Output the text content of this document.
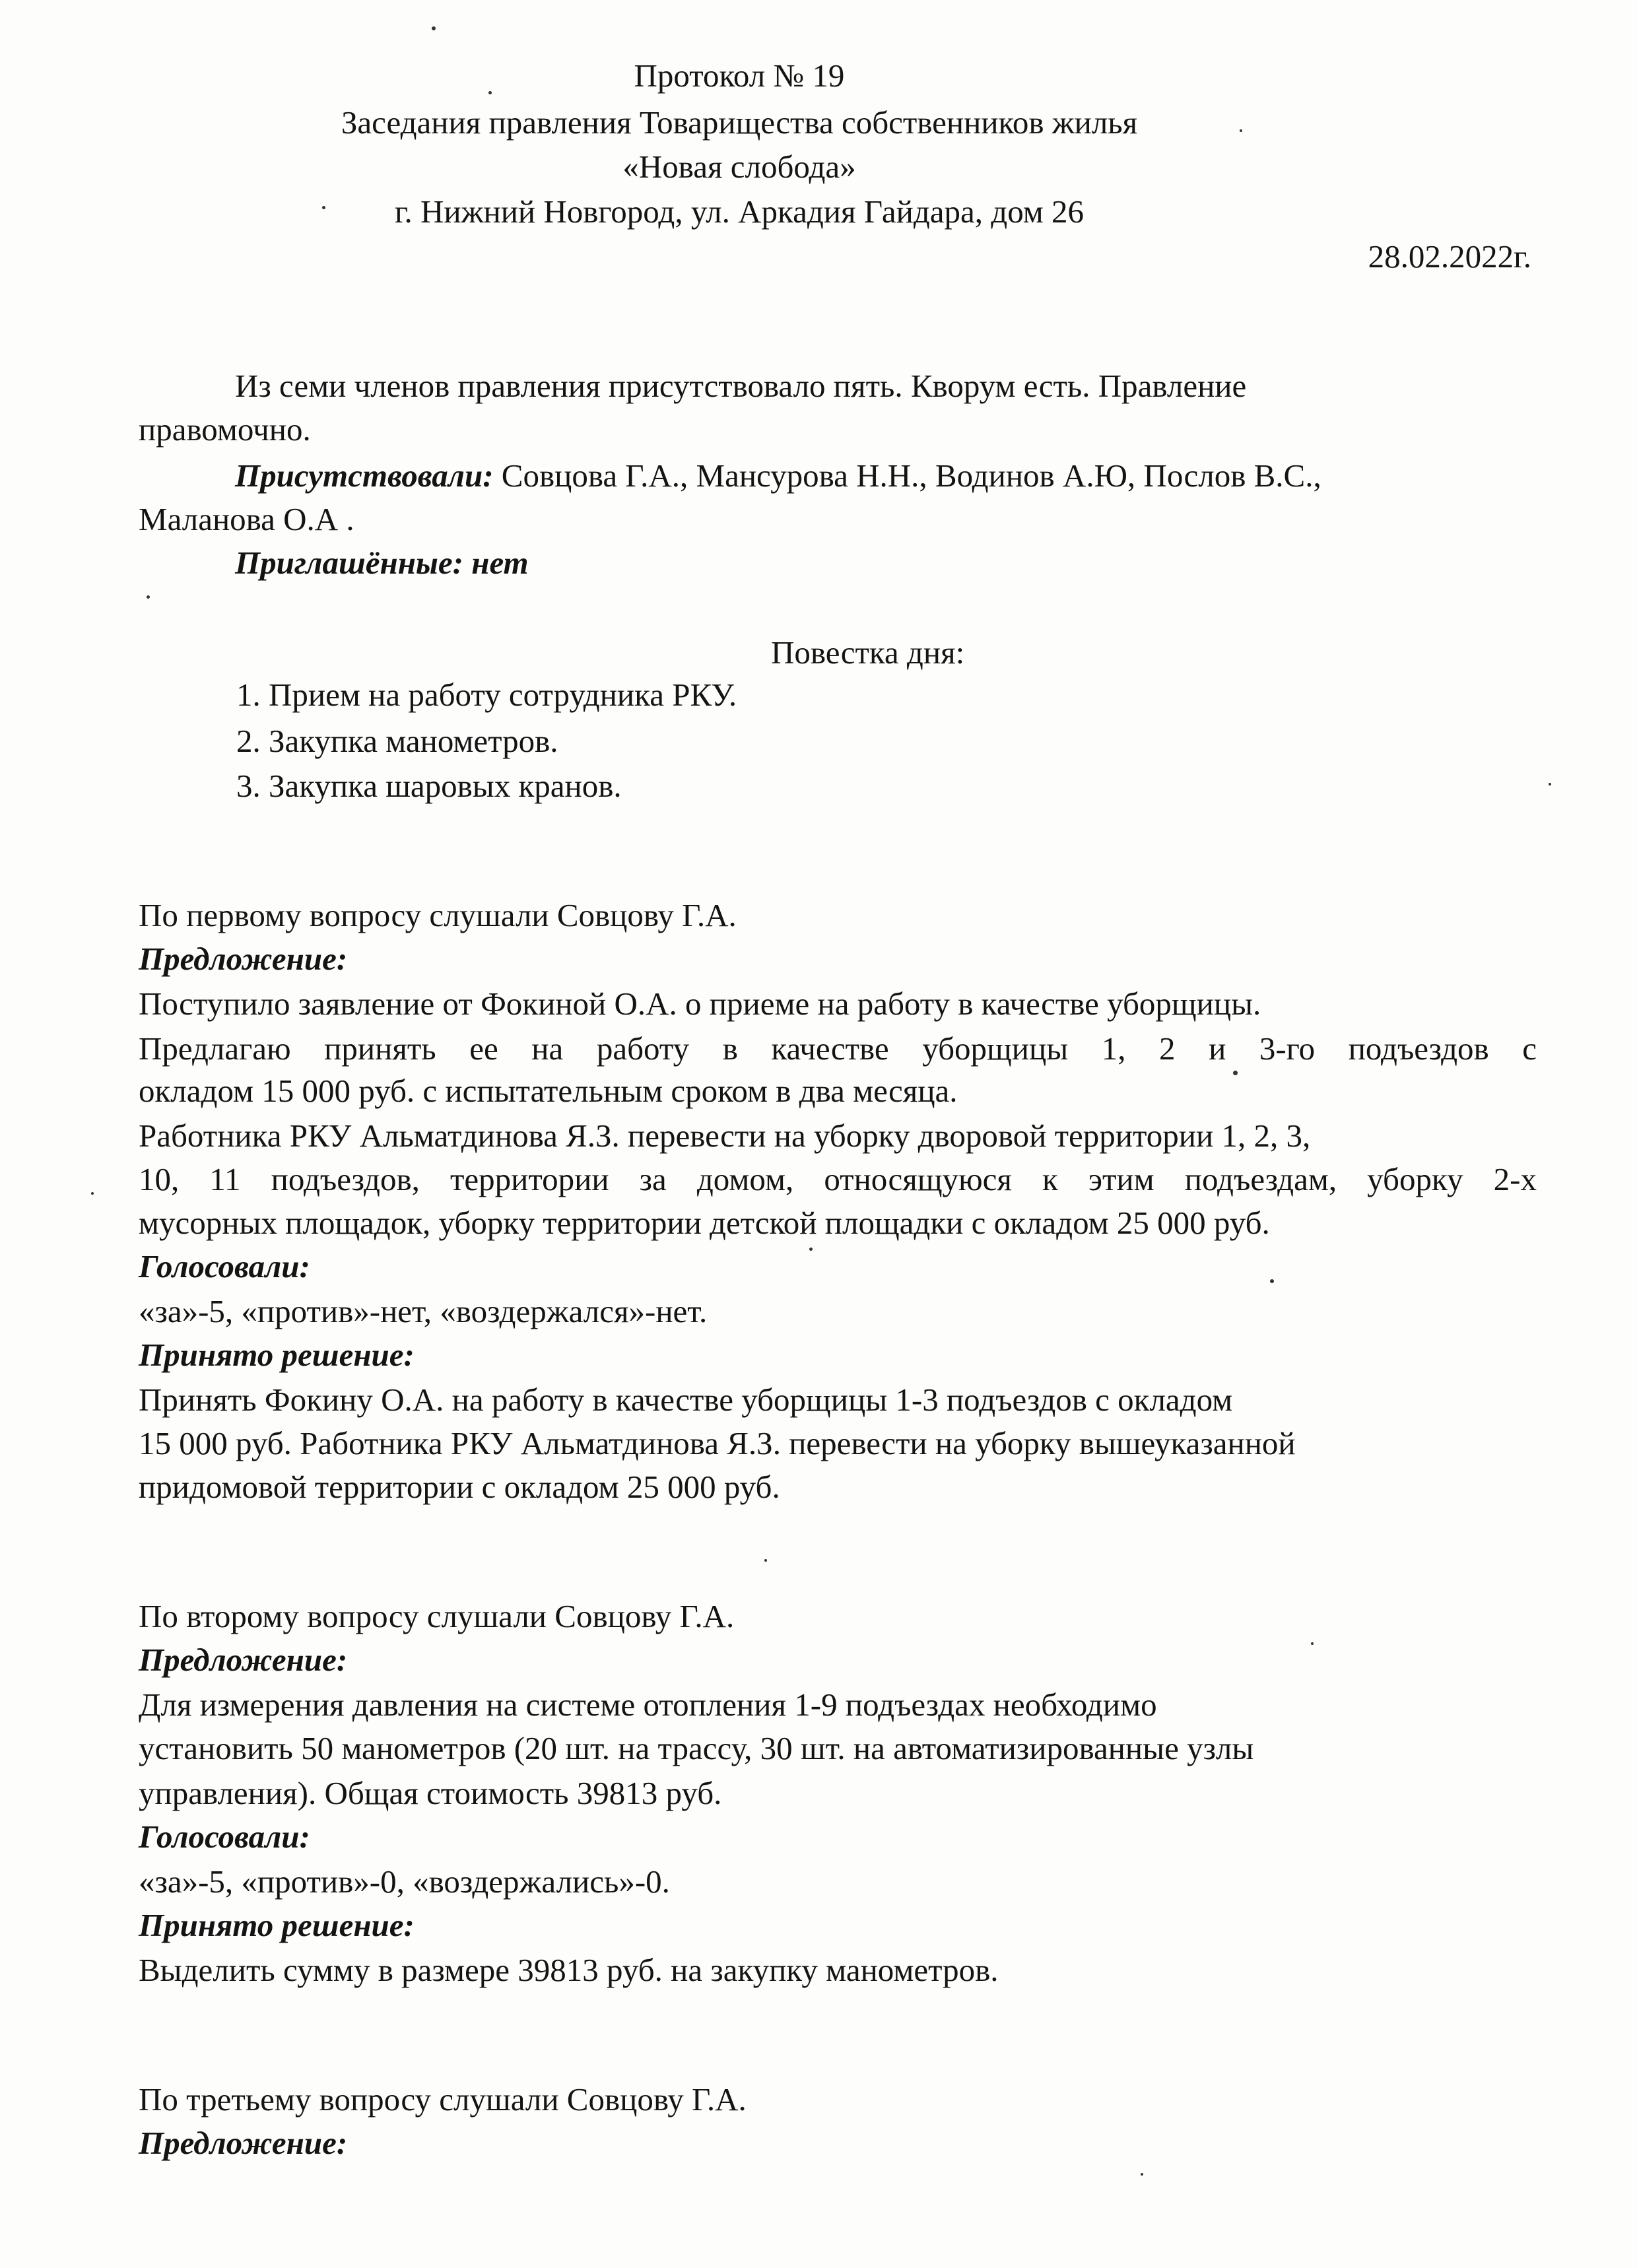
Протокол № 19
Заседания правления Товарищества собственников жилья
«Новая слобода»
г. Нижний Новгород, ул. Аркадия Гайдара, дом 26
28.02.2022г.
Из семи членов правления присутствовало пять. Кворум есть. Правление
правомочно.
Присутствовали: Совцова Г.А., Мансурова Н.Н., Водинов А.Ю, Послов В.С.,
Маланова О.А .
Приглашённые: нет
Повестка дня:
1. Прием на работу сотрудника РКУ.
2. Закупка манометров.
3. Закупка шаровых кранов.
По первому вопросу слушали Совцову Г.А.
Предложение:
Поступило заявление от Фокиной О.А. о приеме на работу в качестве уборщицы.
Предлагаю принять ее на работу в качестве уборщицы 1, 2 и 3-го подъездов с
окладом 15 000 руб. с испытательным сроком в два месяца.
Работника РКУ Альматдинова Я.З. перевести на уборку дворовой территории 1, 2, 3,
10, 11 подъездов, территории за домом, относящуюся к этим подъездам, уборку 2-х
мусорных площадок, уборку территории детской площадки с окладом 25 000 руб.
Голосовали:
«за»-5, «против»-нет, «воздержался»-нет.
Принято решение:
Принять Фокину О.А. на работу в качестве уборщицы 1-3 подъездов с окладом
15 000 руб. Работника РКУ Альматдинова Я.З. перевести на уборку вышеуказанной
придомовой территории с окладом 25 000 руб.
По второму вопросу слушали Совцову Г.А.
Предложение:
Для измерения давления на системе отопления 1-9 подъездах необходимо
установить 50 манометров (20 шт. на трассу, 30 шт. на автоматизированные узлы
управления). Общая стоимость 39813 руб.
Голосовали:
«за»-5, «против»-0, «воздержались»-0.
Принято решение:
Выделить сумму в размере 39813 руб. на закупку манометров.
По третьему вопросу слушали Совцову Г.А.
Предложение:
